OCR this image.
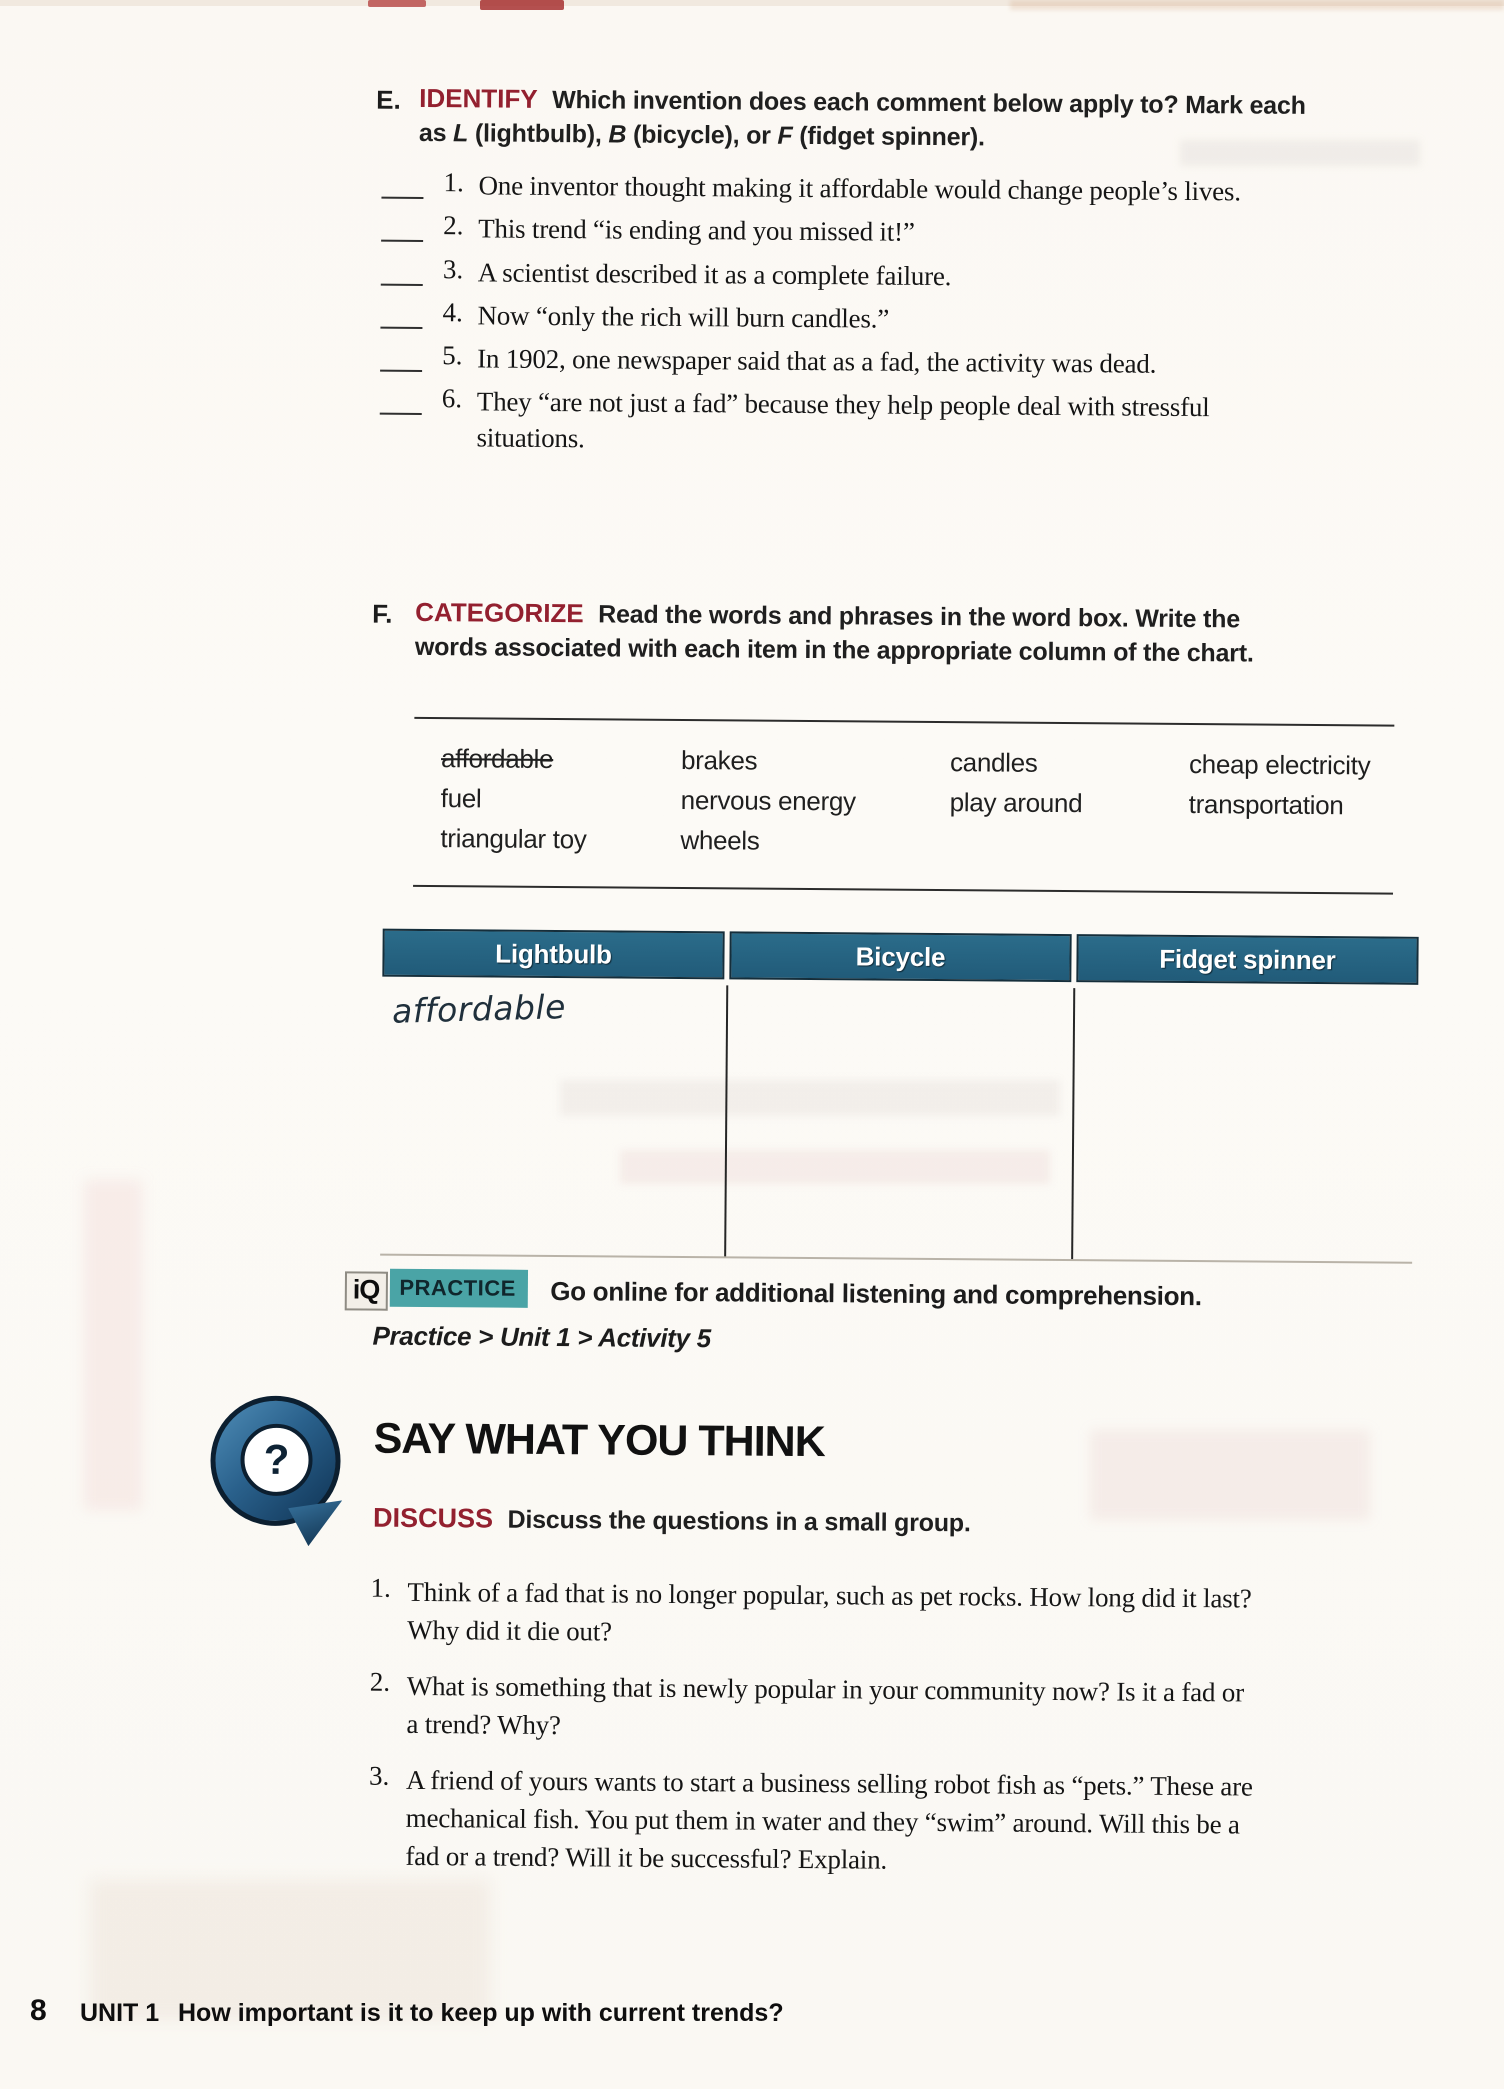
E. IDENTIFY Which invention does each comment below apply to? Mark each
as L (lightbulb), B (bicycle), or F (fidget spinner).
1. One inventor thought making it affordable would change people’s lives.
2. This trend “is ending and you missed it!”
3. A scientist described it as a complete failure.
4. Now “only the rich will burn candles.”
5. In 1902, one newspaper said that as a fad, the activity was dead.
6. They “are not just a fad” because they help people deal with stressful
situations.
F. CATEGORIZE Read the words and phrases in the word box. Write the
words associated with each item in the appropriate column of the chart.
affordable
fuel
triangular toy
brakes
nervous energy
wheels
candles
play around
cheap electricity
transportation
Lightbulb	Bicycle	Fidget spinner
affordable
iQ PRACTICE Go online for additional listening and comprehension.
Practice > Unit 1 > Activity 5
? SAY WHAT YOU THINK
DISCUSS Discuss the questions in a small group.
1. Think of a fad that is no longer popular, such as pet rocks. How long did it last?
Why did it die out?
2. What is something that is newly popular in your community now? Is it a fad or
a trend? Why?
3. A friend of yours wants to start a business selling robot fish as “pets.” These are
mechanical fish. You put them in water and they “swim” around. Will this be a
fad or a trend? Will it be successful? Explain.
8 UNIT 1 How important is it to keep up with current trends?
